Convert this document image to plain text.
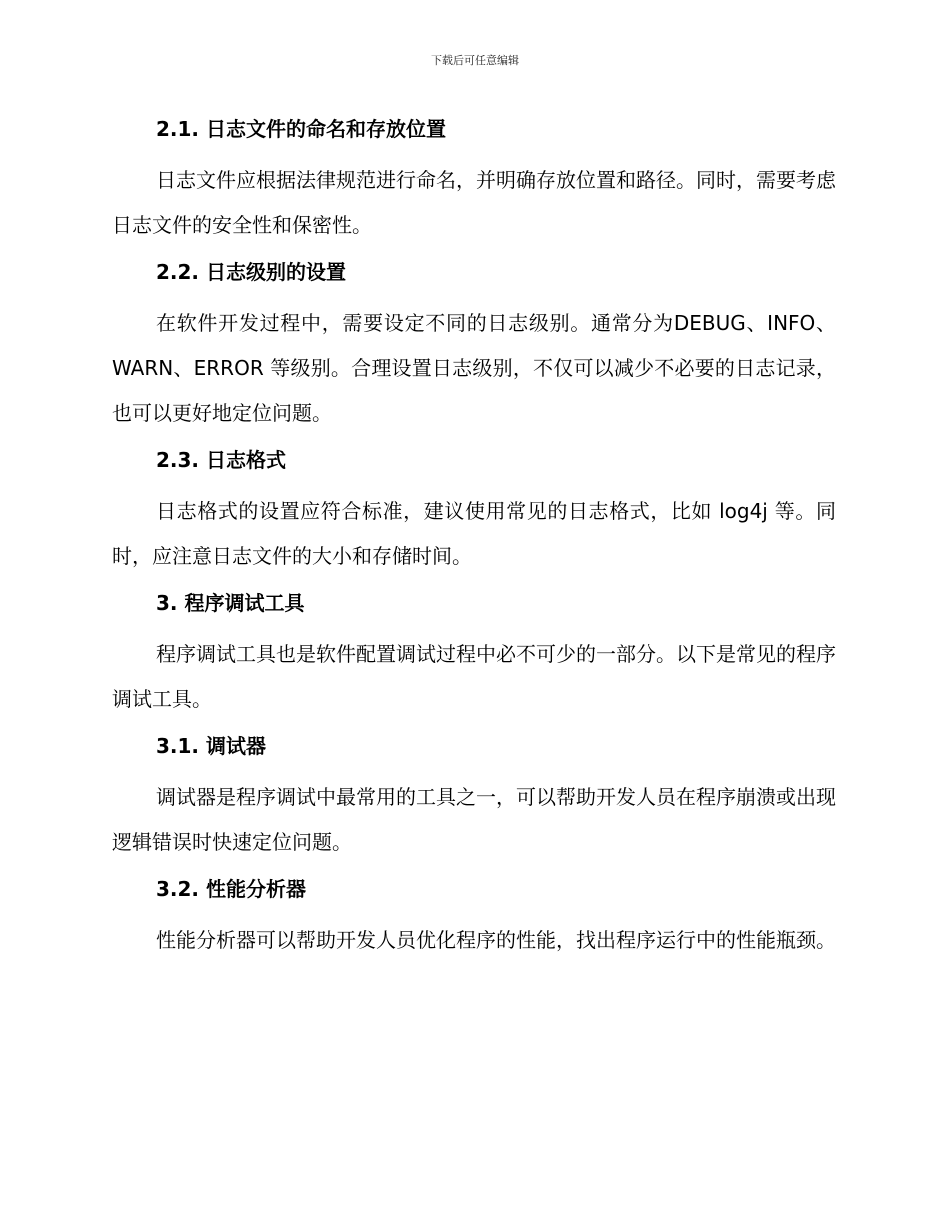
下载后可任意编辑
2.1. 日志文件的命名和存放位置

日志文件应根据法律规范进行命名，并明确存放位置和路径。同时，需要考虑日志文件的安全性和保密性。

2.2. 日志级别的设置

在软件开发过程中，需要设定不同的日志级别。通常分为DEBUG、INFO、WARN、ERROR 等级别。合理设置日志级别，不仅可以减少不必要的日志记录，也可以更好地定位问题。

2.3. 日志格式

日志格式的设置应符合标准，建议使用常见的日志格式，比如 log4j 等。同时，应注意日志文件的大小和存储时间。

3. 程序调试工具

程序调试工具也是软件配置调试过程中必不可少的一部分。以下是常见的程序调试工具。

3.1. 调试器

调试器是程序调试中最常用的工具之一，可以帮助开发人员在程序崩溃或出现逻辑错误时快速定位问题。

3.2. 性能分析器

性能分析器可以帮助开发人员优化程序的性能，找出程序运行中的性能瓶颈。
